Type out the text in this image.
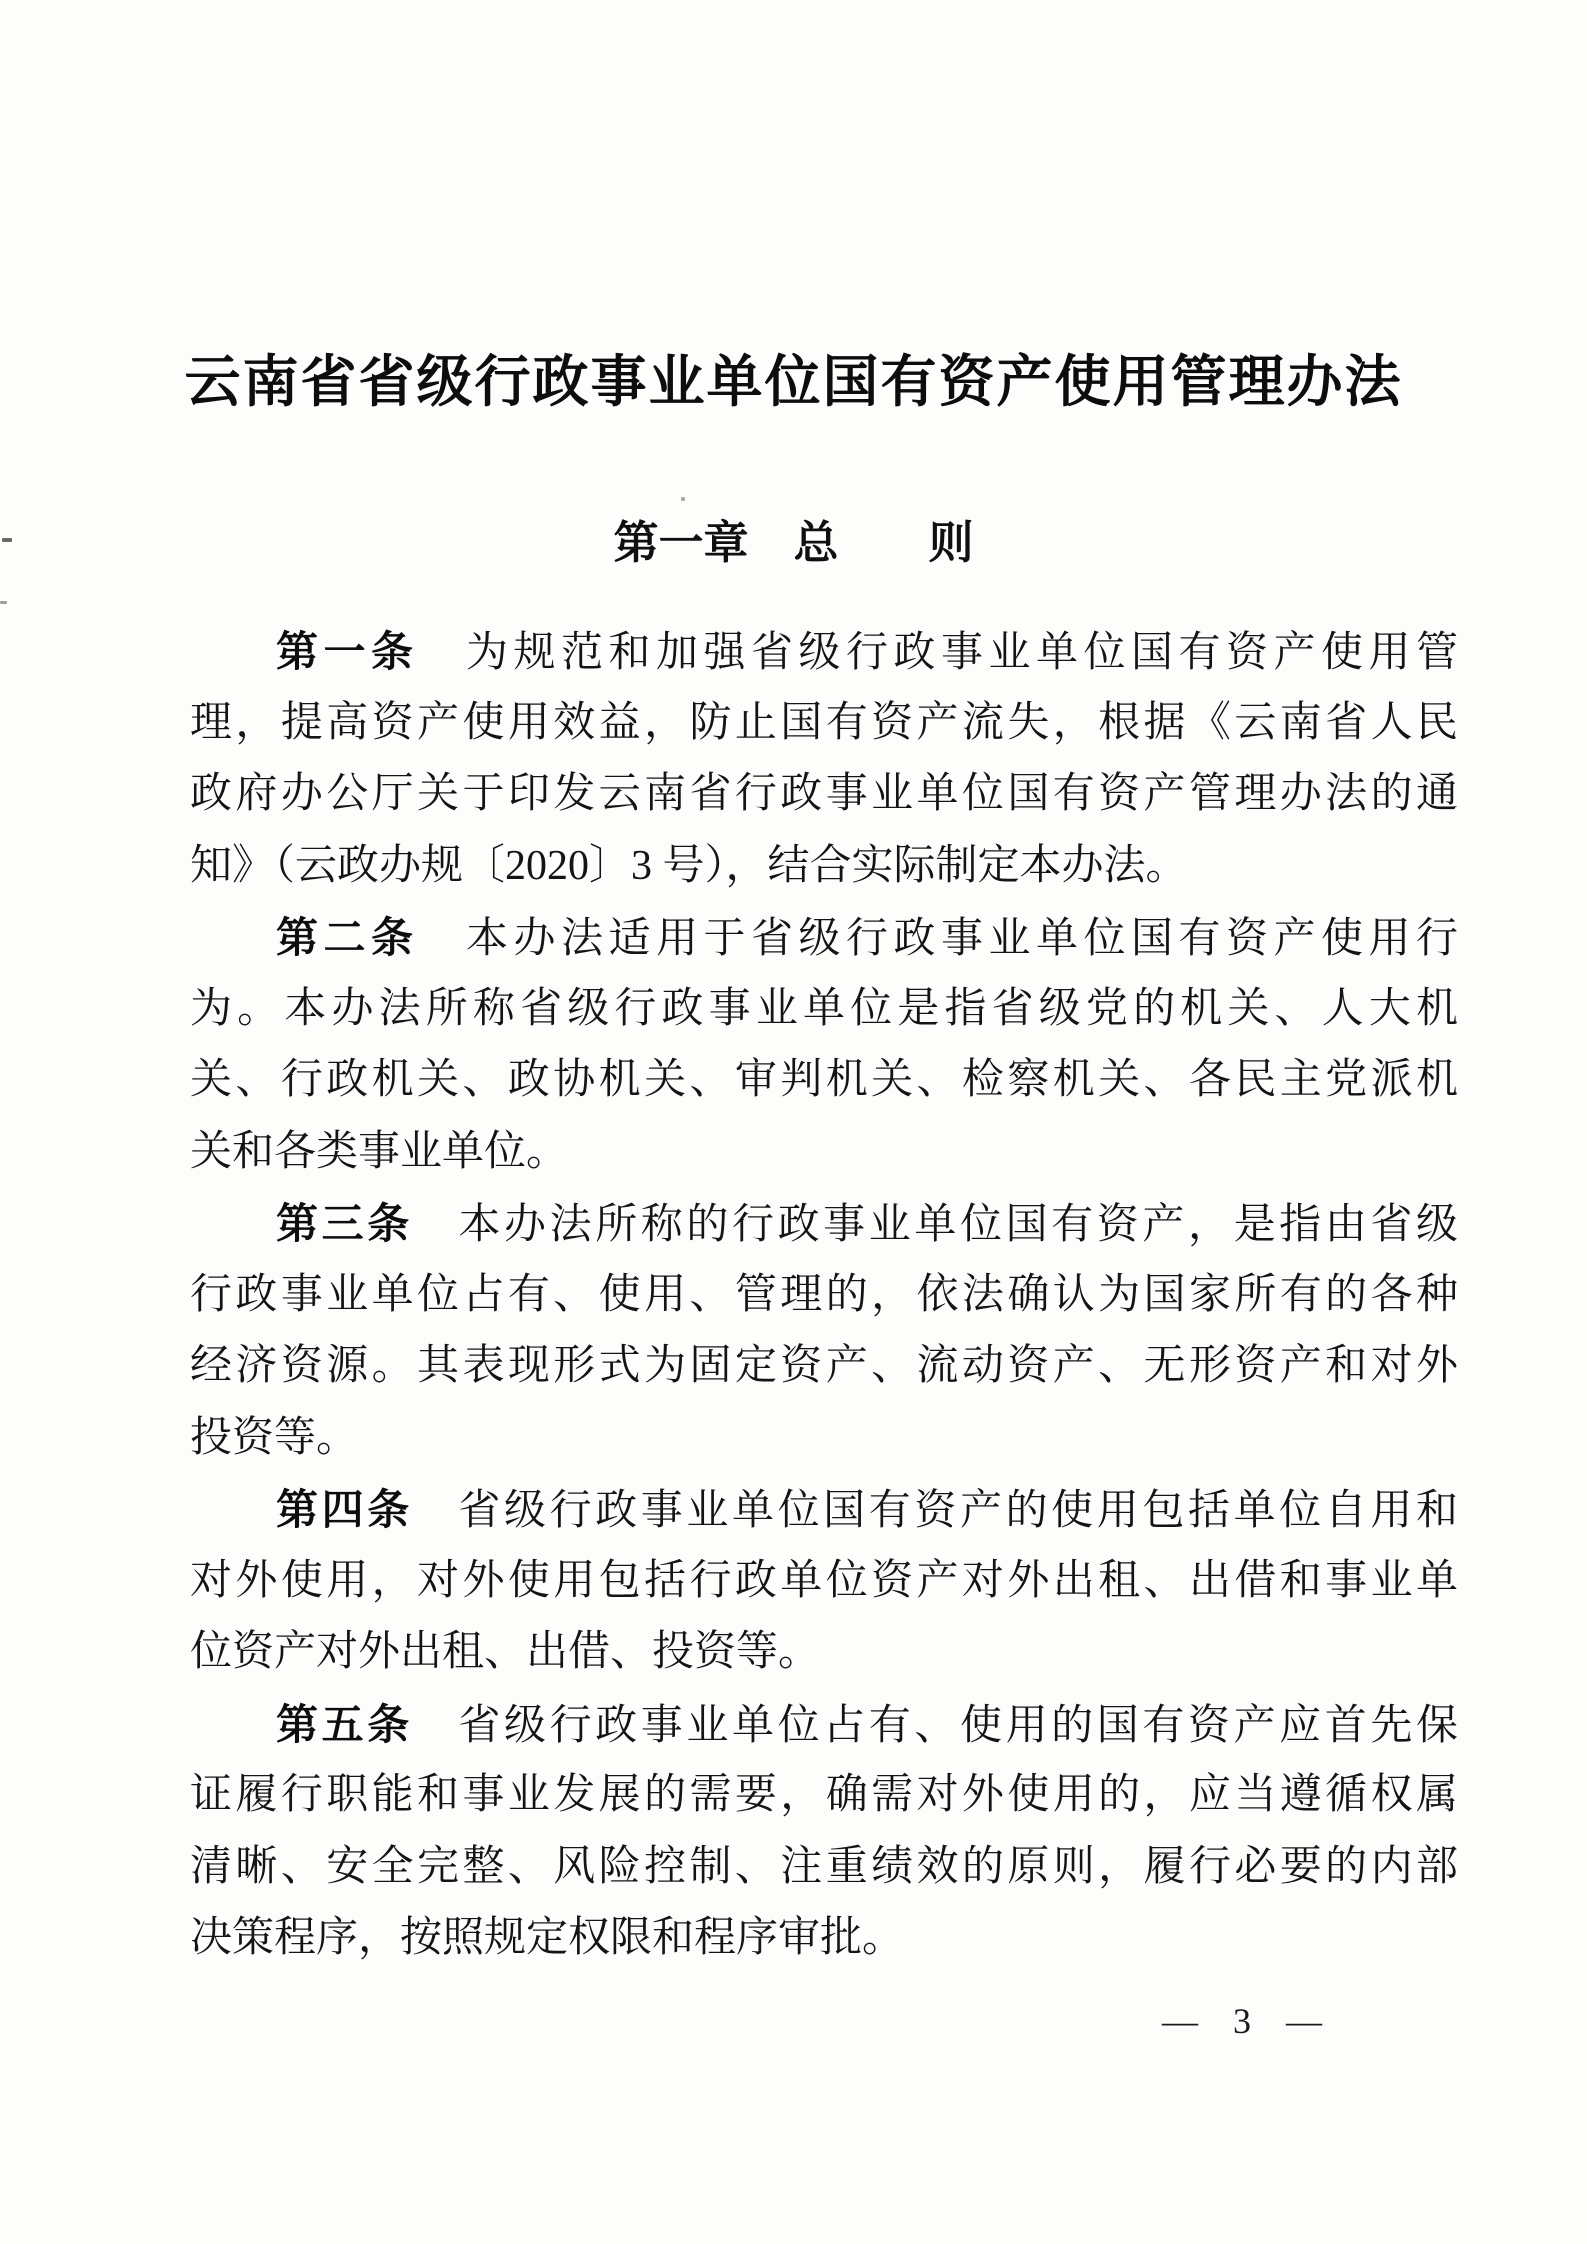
云南省省级行政事业单位国有资产使用管理办法
第一章　总　　则
第一条　为规范和加强省级行政事业单位国有资产使用管
理，提高资产使用效益，防止国有资产流失，根据《云南省人民
政府办公厅关于印发云南省行政事业单位国有资产管理办法的通
知》（云政办规〔2020〕3 号），结合实际制定本办法。
第二条　本办法适用于省级行政事业单位国有资产使用行
为。本办法所称省级行政事业单位是指省级党的机关、人大机
关、行政机关、政协机关、审判机关、检察机关、各民主党派机
关和各类事业单位。
第三条　本办法所称的行政事业单位国有资产，是指由省级
行政事业单位占有、使用、管理的，依法确认为国家所有的各种
经济资源。其表现形式为固定资产、流动资产、无形资产和对外
投资等。
第四条　省级行政事业单位国有资产的使用包括单位自用和
对外使用，对外使用包括行政单位资产对外出租、出借和事业单
位资产对外出租、出借、投资等。
第五条　省级行政事业单位占有、使用的国有资产应首先保
证履行职能和事业发展的需要，确需对外使用的，应当遵循权属
清晰、安全完整、风险控制、注重绩效的原则，履行必要的内部
决策程序，按照规定权限和程序审批。
— 3 —
